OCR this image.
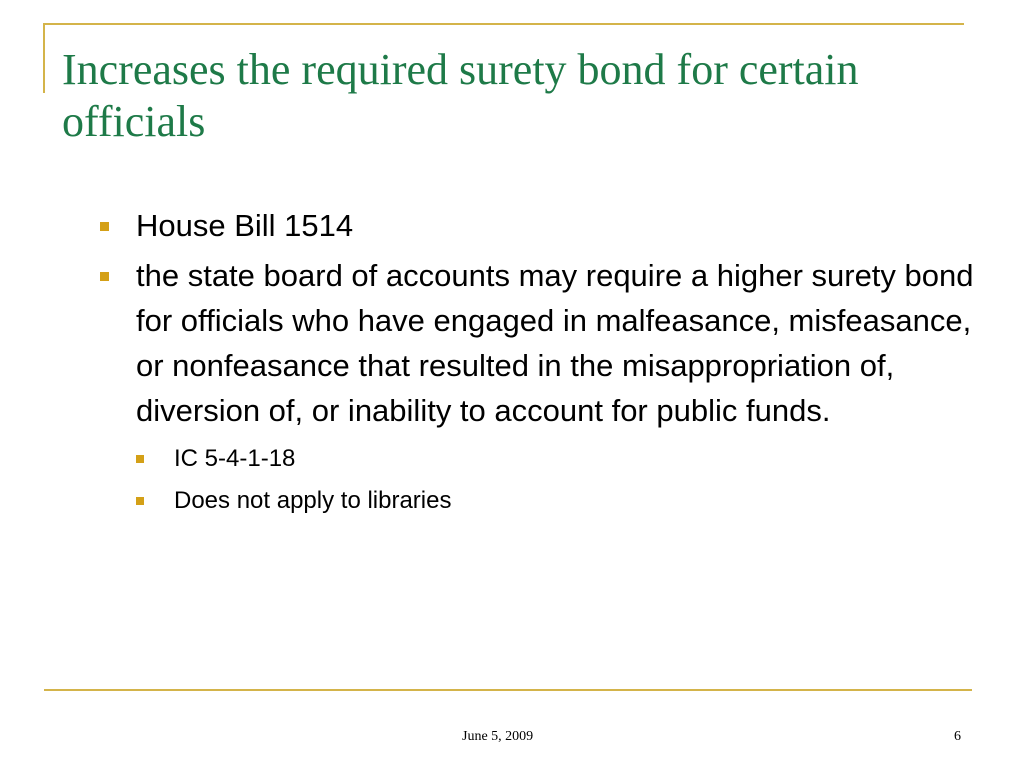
Increases the required surety bond for certain officials
House Bill 1514
the state board of accounts may require a higher surety bond for officials who have engaged in malfeasance, misfeasance, or nonfeasance that resulted in the misappropriation of, diversion of, or inability to account for public funds.
IC 5-4-1-18
Does not apply to libraries
June 5, 2009	6
